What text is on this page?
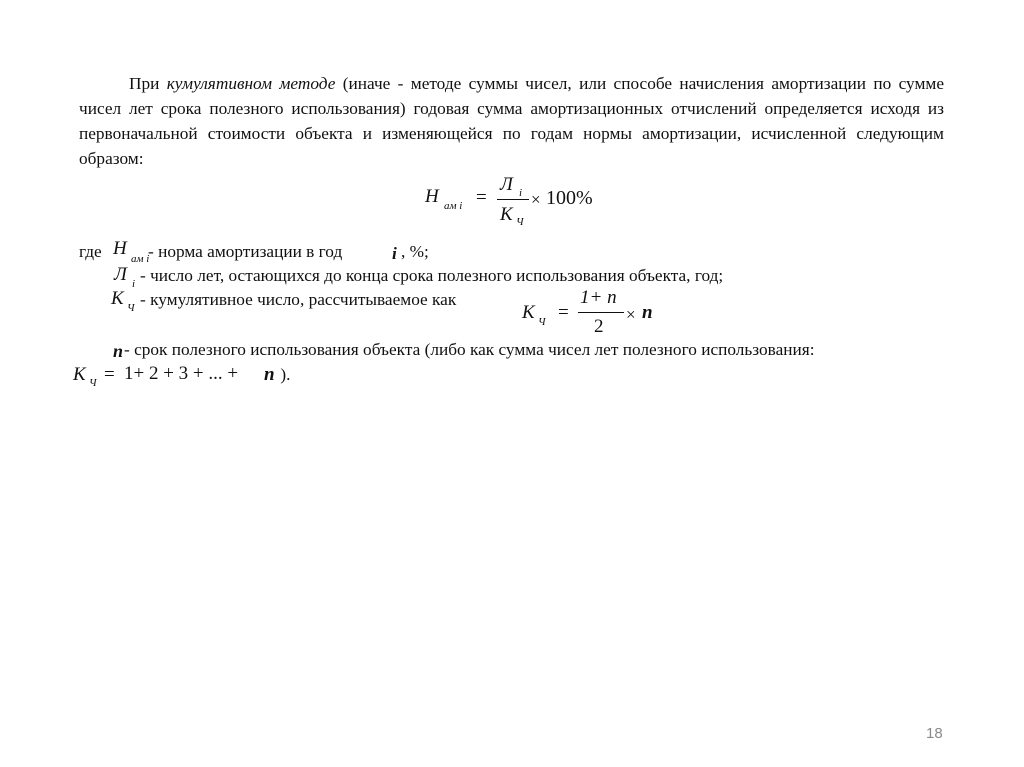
При кумулятивном методе (иначе - методе суммы чисел, или способе начисления амортизации по сумме чисел лет срока полезного использования) годовая сумма амортизационных отчислений определяется исходя из первоначальной стоимости объекта и изменяющейся по годам нормы амортизации, исчисленной следующим образом:
Н ам i =
Л i
К Ч
× 100%
где Н ам i
- норма амортизации в год	i , %;
Л i - число лет, остающихся до конца срока полезного использования объекта, год;
К Ч - кумулятивное число, рассчитываемое как
К Ч =
1+ n
2
× n
n - срок полезного использования объекта (либо как сумма чисел лет полезного использования:
К Ч = 1+ 2 + 3 + ... + n ).
18
